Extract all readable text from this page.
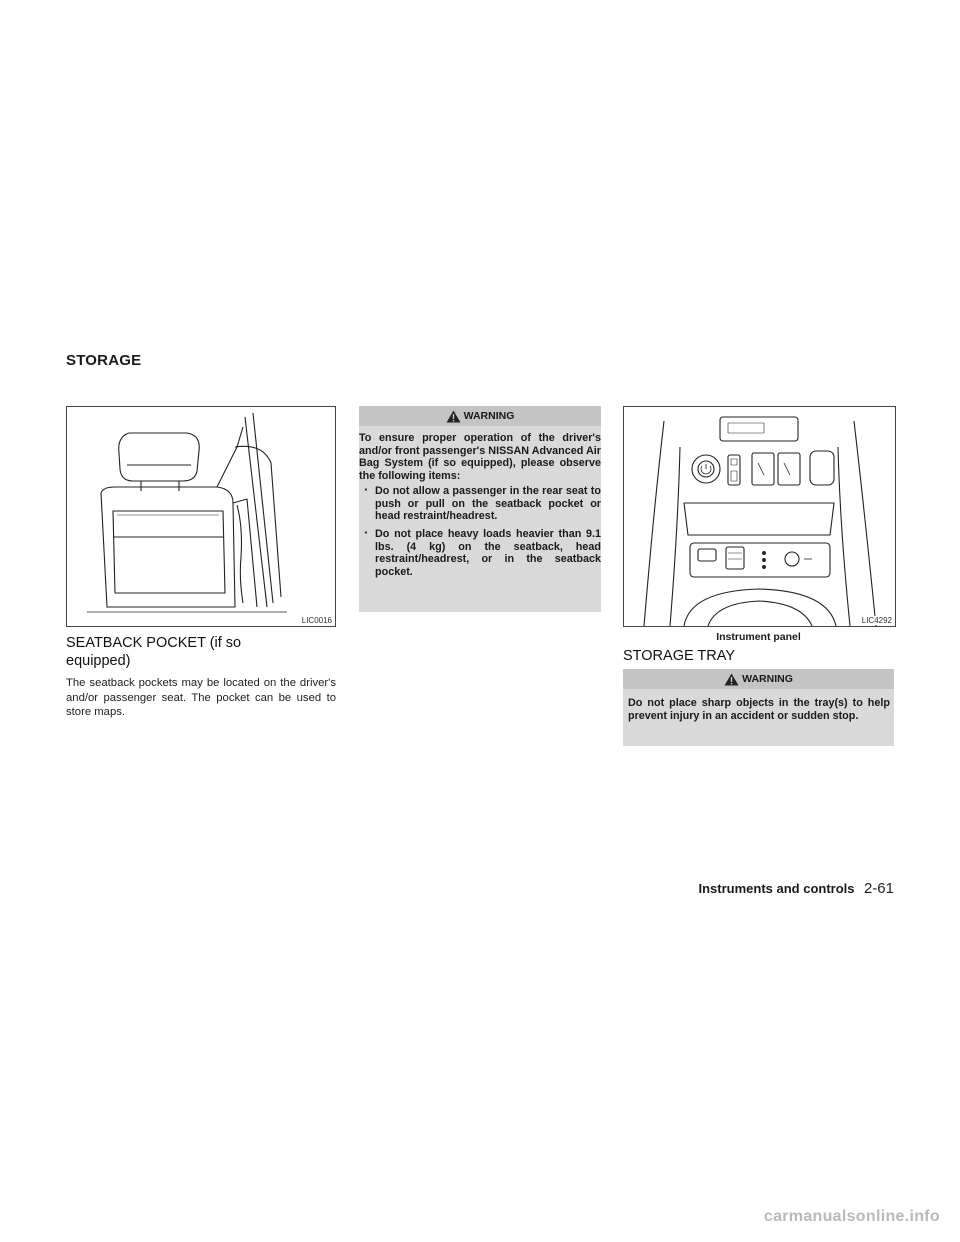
STORAGE
LIC0016
SEATBACK POCKET (if so equipped)
The seatback pockets may be located on the driver's and/or passenger seat. The pocket can be used to store maps.
WARNING
To ensure proper operation of the driver's and/or front passenger's NISSAN Advanced Air Bag System (if so equipped), please observe the following items:
· Do not allow a passenger in the rear seat to push or pull on the seatback pocket or head restraint/headrest.
· Do not place heavy loads heavier than 9.1 lbs. (4 kg) on the seatback, head restraint/headrest, or in the seatback pocket.
LIC4292
Instrument panel
STORAGE TRAY
WARNING
Do not place sharp objects in the tray(s) to help prevent injury in an accident or sudden stop.
Instruments and controls 2-61
carmanualsonline.info
